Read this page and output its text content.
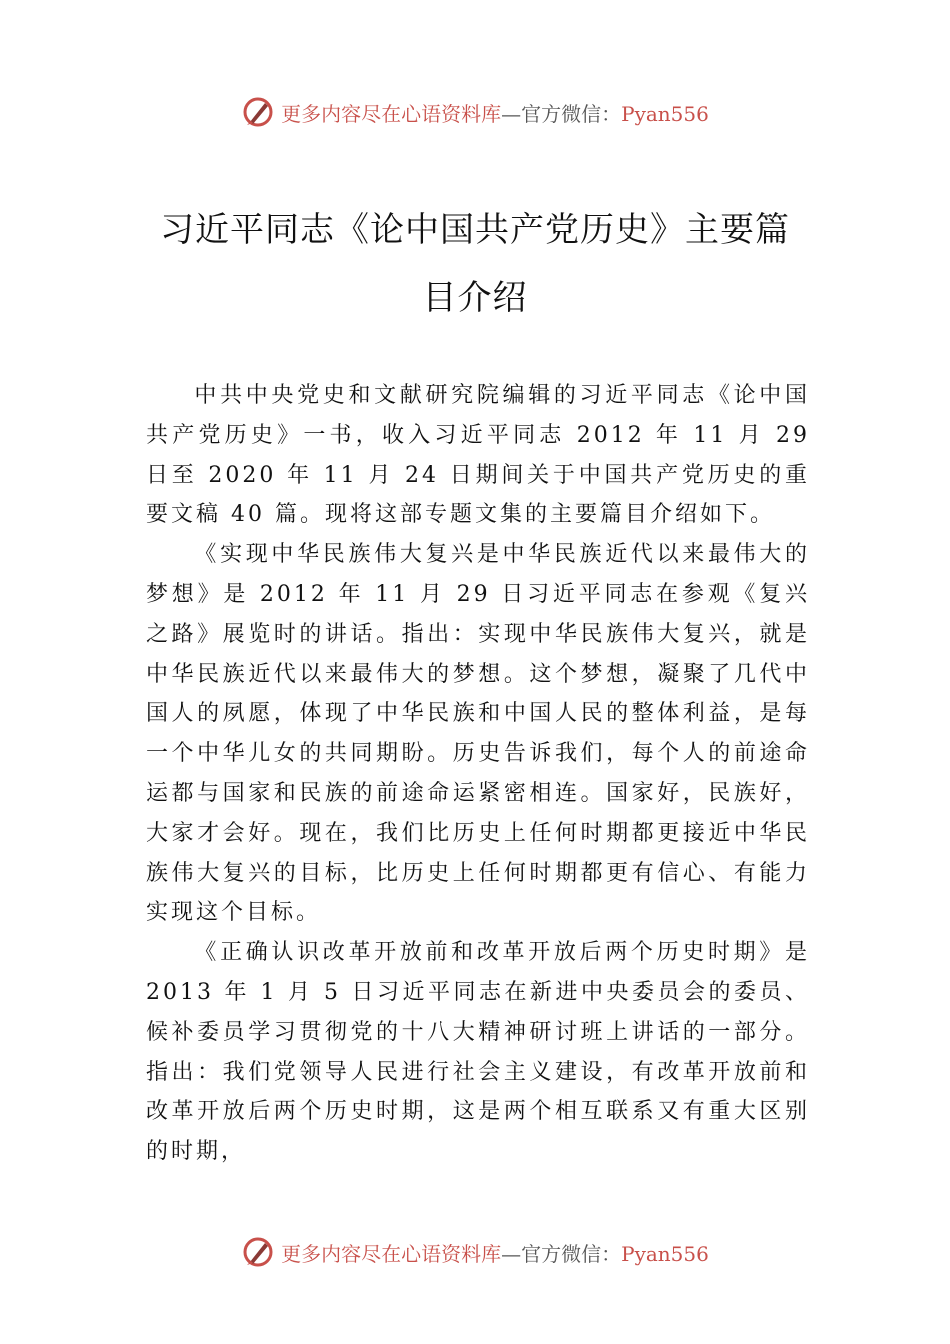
更多内容尽在心语资料库—官方微信：Pyan556
习近平同志《论中国共产党历史》主要篇目介绍

中共中央党史和文献研究院编辑的习近平同志《论中国共产党历史》一书，收入习近平同志 2012 年 11 月 29 日至 2020 年 11 月 24 日期间关于中国共产党历史的重要文稿 40 篇。现将这部专题文集的主要篇目介绍如下。

《实现中华民族伟大复兴是中华民族近代以来最伟大的梦想》是 2012 年 11 月 29 日习近平同志在参观《复兴之路》展览时的讲话。指出：实现中华民族伟大复兴，就是中华民族近代以来最伟大的梦想。这个梦想，凝聚了几代中国人的夙愿，体现了中华民族和中国人民的整体利益，是每一个中华儿女的共同期盼。历史告诉我们，每个人的前途命运都与国家和民族的前途命运紧密相连。国家好，民族好，大家才会好。现在，我们比历史上任何时期都更接近中华民族伟大复兴的目标，比历史上任何时期都更有信心、有能力实现这个目标。

《正确认识改革开放前和改革开放后两个历史时期》是 2013 年 1 月 5 日习近平同志在新进中央委员会的委员、候补委员学习贯彻党的十八大精神研讨班上讲话的一部分。指出：我们党领导人民进行社会主义建设，有改革开放前和改革开放后两个历史时期，这是两个相互联系又有重大区别的时期，

更多内容尽在心语资料库—官方微信：Pyan556
